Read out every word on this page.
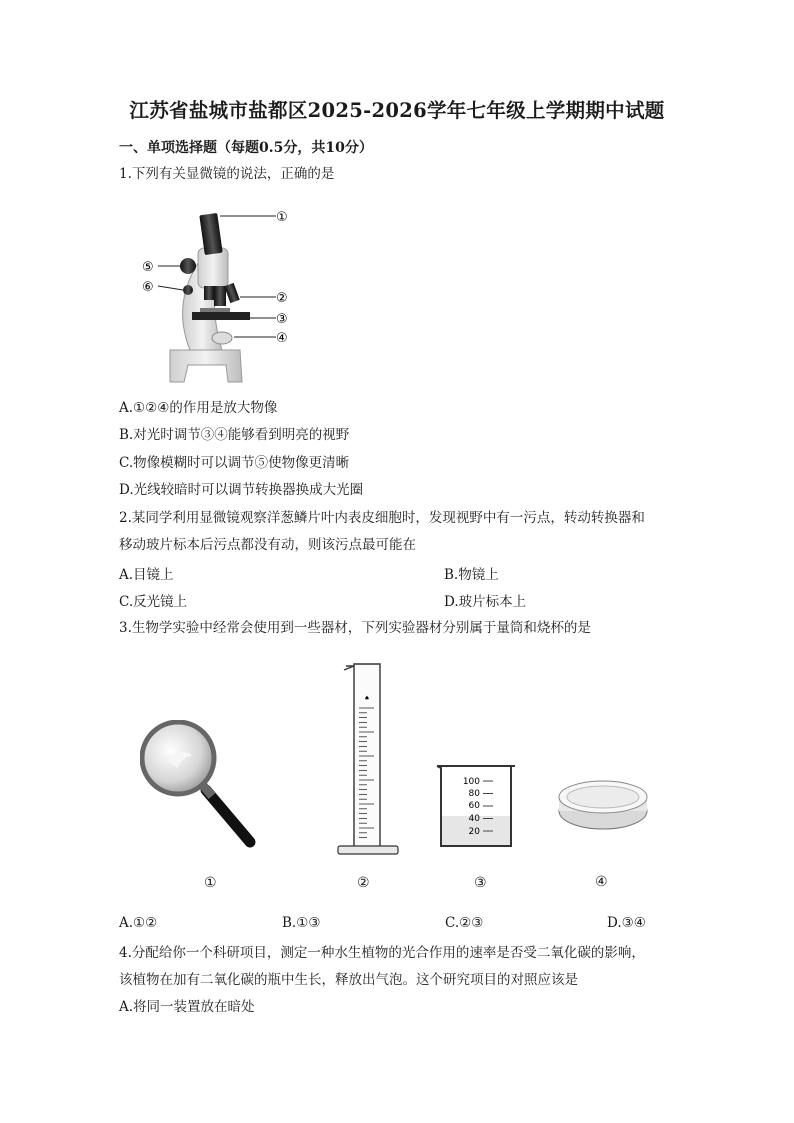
江苏省盐城市盐都区2025-2026学年七年级上学期期中试题
一、单项选择题（每题0.5分，共10分）
1.下列有关显微镜的说法，正确的是
①
②
③
④
⑤
⑥
A.①②④的作用是放大物像
B.对光时调节③④能够看到明亮的视野
C.物像模糊时可以调节⑤使物像更清晰
D.光线较暗时可以调节转换器换成大光圈
2.某同学利用显微镜观察洋葱鳞片叶内表皮细胞时，发现视野中有一污点，转动转换器和
移动玻片标本后污点都没有动，则该污点最可能在
A.目镜上	B.物镜上
C.反光镜上	D.玻片标本上
3.生物学实验中经常会使用到一些器材，下列实验器材分别属于量筒和烧杯的是
♠
100
80
60
40
20
①	②	③	④
A.①②	B.①③	C.②③	D.③④
4.分配给你一个科研项目，测定一种水生植物的光合作用的速率是否受二氧化碳的影响，
该植物在加有二氧化碳的瓶中生长，释放出气泡。这个研究项目的对照应该是
A.将同一装置放在暗处
